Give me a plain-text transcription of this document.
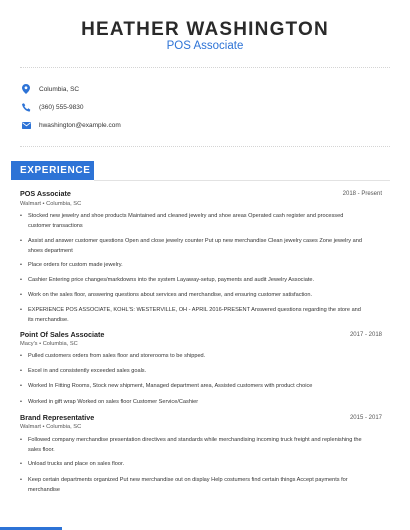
HEATHER WASHINGTON
POS Associate
Columbia, SC
(360) 555-9830
hwashington@example.com
EXPERIENCE
POS Associate	2018 - Present
Walmart • Columbia, SC
• Stocked new jewelry and shoe products Maintained and cleaned jewelry and shoe areas Operated cash register and processed customer transactions
• Assist and answer customer questions Open and close jewelry counter Put up new merchandise Clean jewelry cases Zone jewelry and shoes department
• Place orders for custom made jewelry.
• Cashier Entering price changes/markdowns into the system Layaway-setup, payments and audit Jewelry Associate.
• Work on the sales floor, answering questions about services and merchandise, and ensuring customer satisfaction.
• EXPERIENCE POS ASSOCIATE, KOHL'S: WESTERVILLE, OH - APRIL 2016-PRESENT Answered questions regarding the store and its merchandise.
Point Of Sales Associate	2017 - 2018
Macy's • Columbia, SC
• Pulled customers orders from sales floor and storerooms to be shipped.
• Excel in and consistently exceeded sales goals.
• Worked In Fitting Rooms, Stock new shipment, Managed department area, Assisted customers with product choice
• Worked in gift wrap Worked on sales floor Customer Service/Cashier
Brand Representative	2015 - 2017
Walmart • Columbia, SC
• Followed company merchandise presentation directives and standards while merchandising incoming truck freight and replenishing the sales floor.
• Unload trucks and place on sales floor.
• Keep certain departments organized Put new merchandise out on display Help costumers find certain things Accept payments for merchandise
